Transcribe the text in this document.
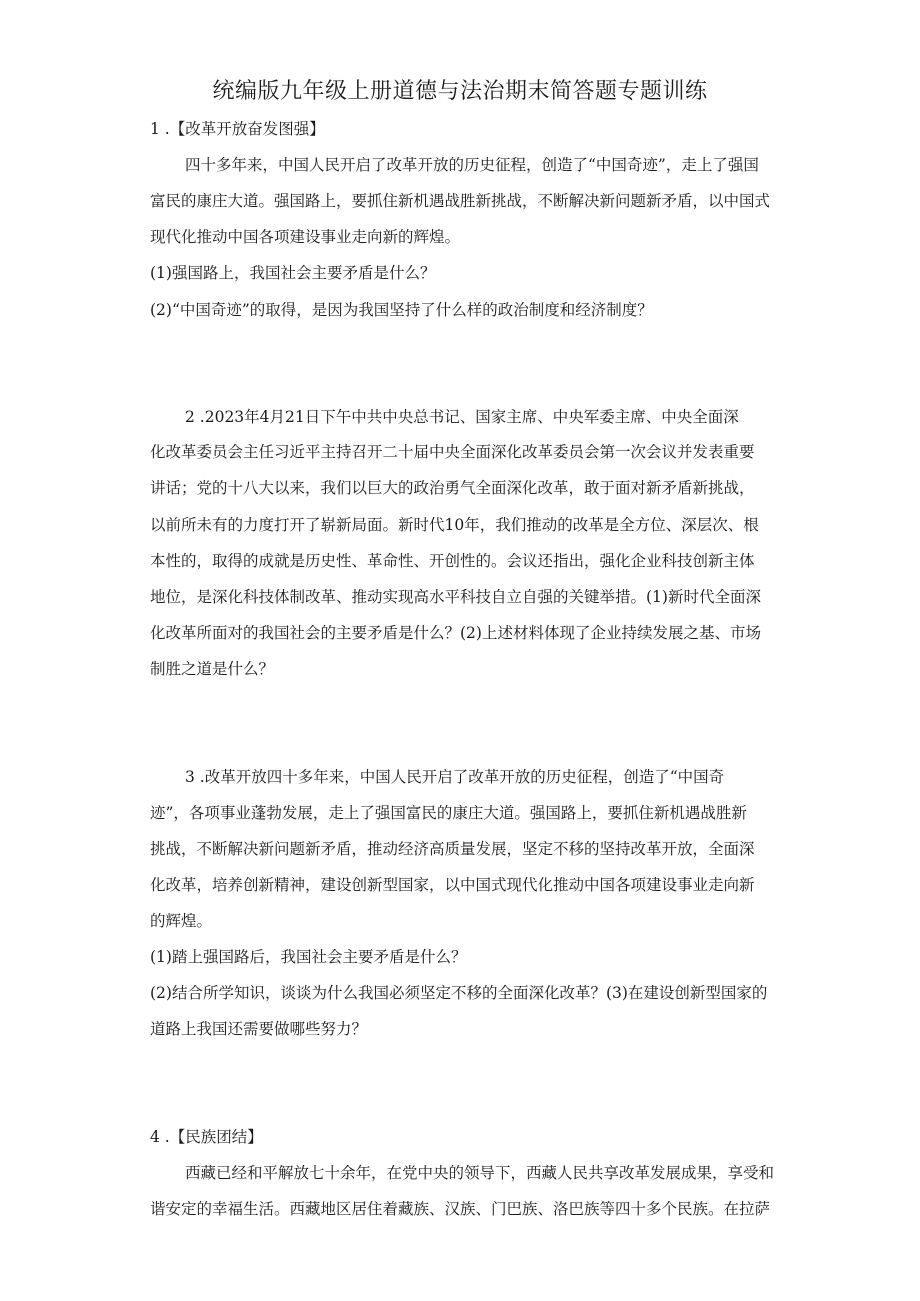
统编版九年级上册道德与法治期末简答题专题训练
1 .【改革开放奋发图强】
四十多年来，中国人民开启了改革开放的历史征程，创造了“中国奇迹”，走上了强国
富民的康庄大道。强国路上，要抓住新机遇战胜新挑战，不断解决新问题新矛盾，以中国式
现代化推动中国各项建设事业走向新的辉煌。
(1)强国路上，我国社会主要矛盾是什么？
(2)“中国奇迹”的取得，是因为我国坚持了什么样的政治制度和经济制度？
2 .2023年4月21日下午中共中央总书记、国家主席、中央军委主席、中央全面深
化改革委员会主任习近平主持召开二十届中央全面深化改革委员会第一次会议并发表重要
讲话；党的十八大以来，我们以巨大的政治勇气全面深化改革，敢于面对新矛盾新挑战，
以前所未有的力度打开了崭新局面。新时代10年，我们推动的改革是全方位、深层次、根
本性的，取得的成就是历史性、革命性、开创性的。会议还指出，强化企业科技创新主体
地位，是深化科技体制改革、推动实现高水平科技自立自强的关键举措。(1)新时代全面深
化改革所面对的我国社会的主要矛盾是什么？(2)上述材料体现了企业持续发展之基、市场
制胜之道是什么？
3 .改革开放四十多年来，中国人民开启了改革开放的历史征程，创造了“中国奇
迹”，各项事业蓬勃发展，走上了强国富民的康庄大道。强国路上，要抓住新机遇战胜新
挑战，不断解决新问题新矛盾，推动经济高质量发展，坚定不移的坚持改革开放，全面深
化改革，培养创新精神，建设创新型国家，以中国式现代化推动中国各项建设事业走向新
的辉煌。
(1)踏上强国路后，我国社会主要矛盾是什么？
(2)结合所学知识，谈谈为什么我国必须坚定不移的全面深化改革？(3)在建设创新型国家的
道路上我国还需要做哪些努力？
4 .【民族团结】
西藏已经和平解放七十余年，在党中央的领导下，西藏人民共享改革发展成果，享受和
谐安定的幸福生活。西藏地区居住着藏族、汉族、门巴族、洛巴族等四十多个民族。在拉萨
